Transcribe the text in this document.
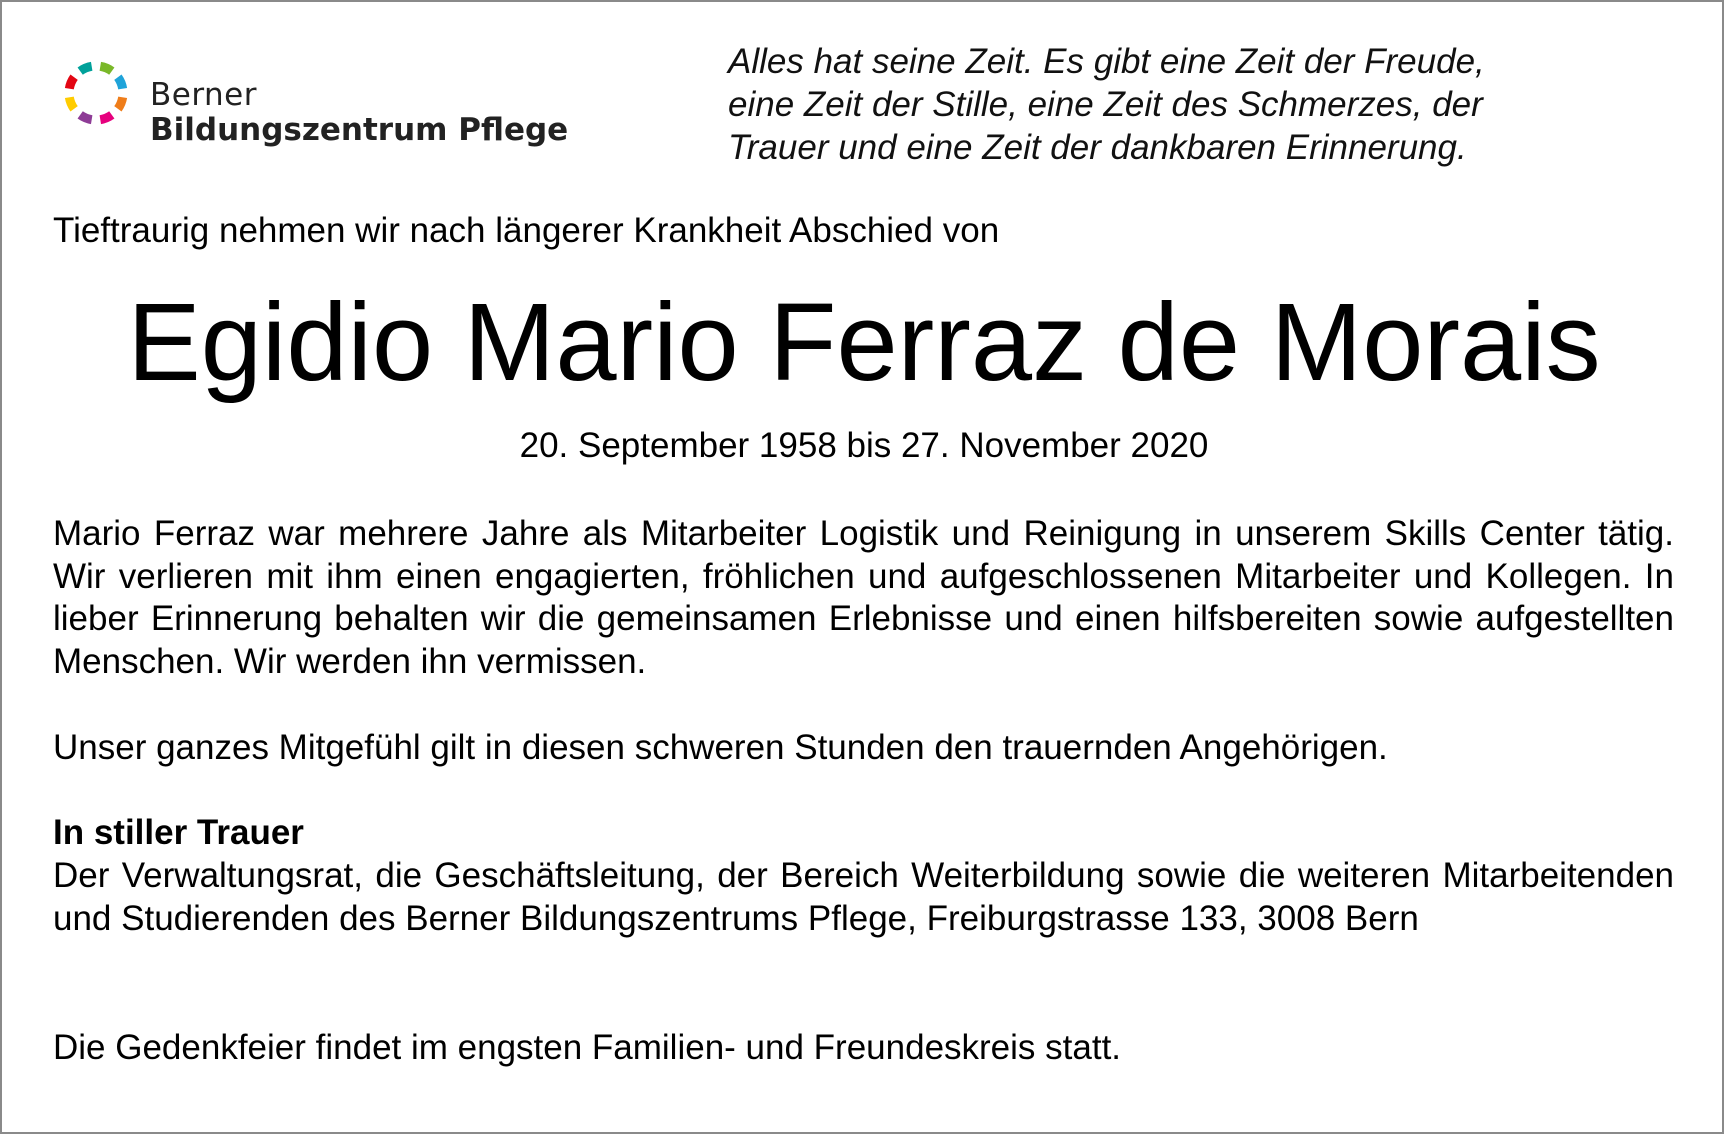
Berner
Bildungszentrum Pflege
Alles hat seine Zeit. Es gibt eine Zeit der Freude,
eine Zeit der Stille, eine Zeit des Schmerzes, der
Trauer und eine Zeit der dankbaren Erinnerung.
Tieftraurig nehmen wir nach längerer Krankheit Abschied von
Egidio Mario Ferraz de Morais
20. September 1958 bis 27. November 2020
Mario Ferraz war mehrere Jahre als Mitarbeiter Logistik und Reinigung in unserem Skills Center tätig. Wir verlieren mit ihm einen engagierten, fröhlichen und aufgeschlossenen Mitarbeiter und Kollegen. In lieber Erinnerung behalten wir die gemeinsamen Erlebnisse und einen hilfsbereiten sowie aufgestellten Menschen. Wir werden ihn vermissen.
Unser ganzes Mitgefühl gilt in diesen schweren Stunden den trauernden Angehörigen.
In stiller Trauer
Der Verwaltungsrat, die Geschäftsleitung, der Bereich Weiterbildung sowie die weiteren Mitarbeitenden und Studierenden des Berner Bildungszentrums Pflege, Freiburgstrasse 133, 3008 Bern
Die Gedenkfeier findet im engsten Familien- und Freundeskreis statt.
